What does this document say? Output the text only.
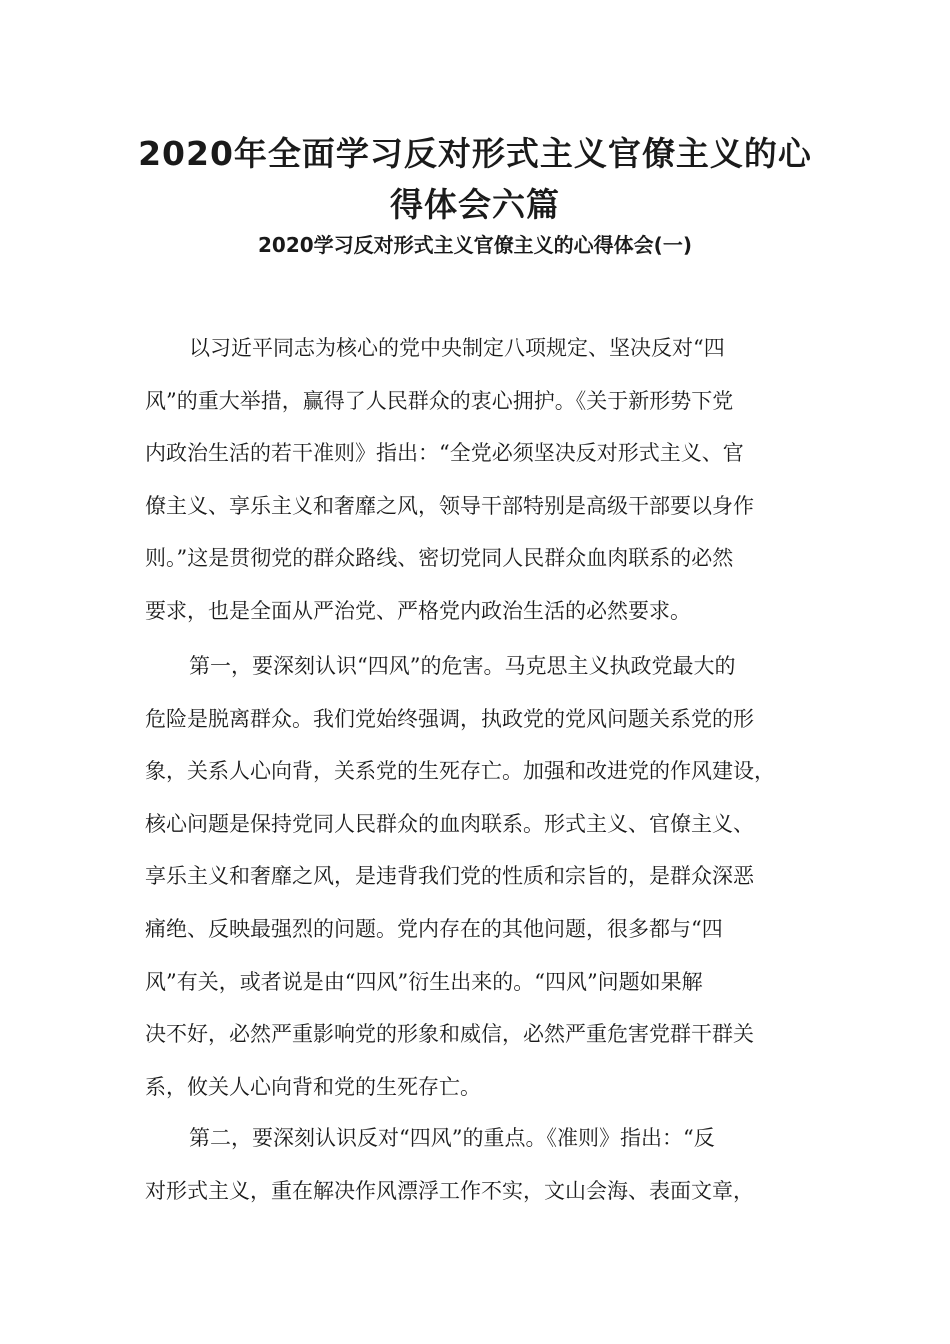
2020年全面学习反对形式主义官僚主义的心
得体会六篇
2020学习反对形式主义官僚主义的心得体会(一)
以习近平同志为核心的党中央制定八项规定、坚决反对“四
风”的重大举措，赢得了人民群众的衷心拥护。《关于新形势下党
内政治生活的若干准则》指出：“全党必须坚决反对形式主义、官
僚主义、享乐主义和奢靡之风，领导干部特别是高级干部要以身作
则。”这是贯彻党的群众路线、密切党同人民群众血肉联系的必然
要求，也是全面从严治党、严格党内政治生活的必然要求。
第一，要深刻认识“四风”的危害。马克思主义执政党最大的
危险是脱离群众。我们党始终强调，执政党的党风问题关系党的形
象，关系人心向背，关系党的生死存亡。加强和改进党的作风建设，
核心问题是保持党同人民群众的血肉联系。形式主义、官僚主义、
享乐主义和奢靡之风，是违背我们党的性质和宗旨的，是群众深恶
痛绝、反映最强烈的问题。党内存在的其他问题，很多都与“四
风”有关，或者说是由“四风”衍生出来的。“四风”问题如果解
决不好，必然严重影响党的形象和威信，必然严重危害党群干群关
系，攸关人心向背和党的生死存亡。
第二，要深刻认识反对“四风”的重点。《准则》指出：“反
对形式主义，重在解决作风漂浮工作不实，文山会海、表面文章，
